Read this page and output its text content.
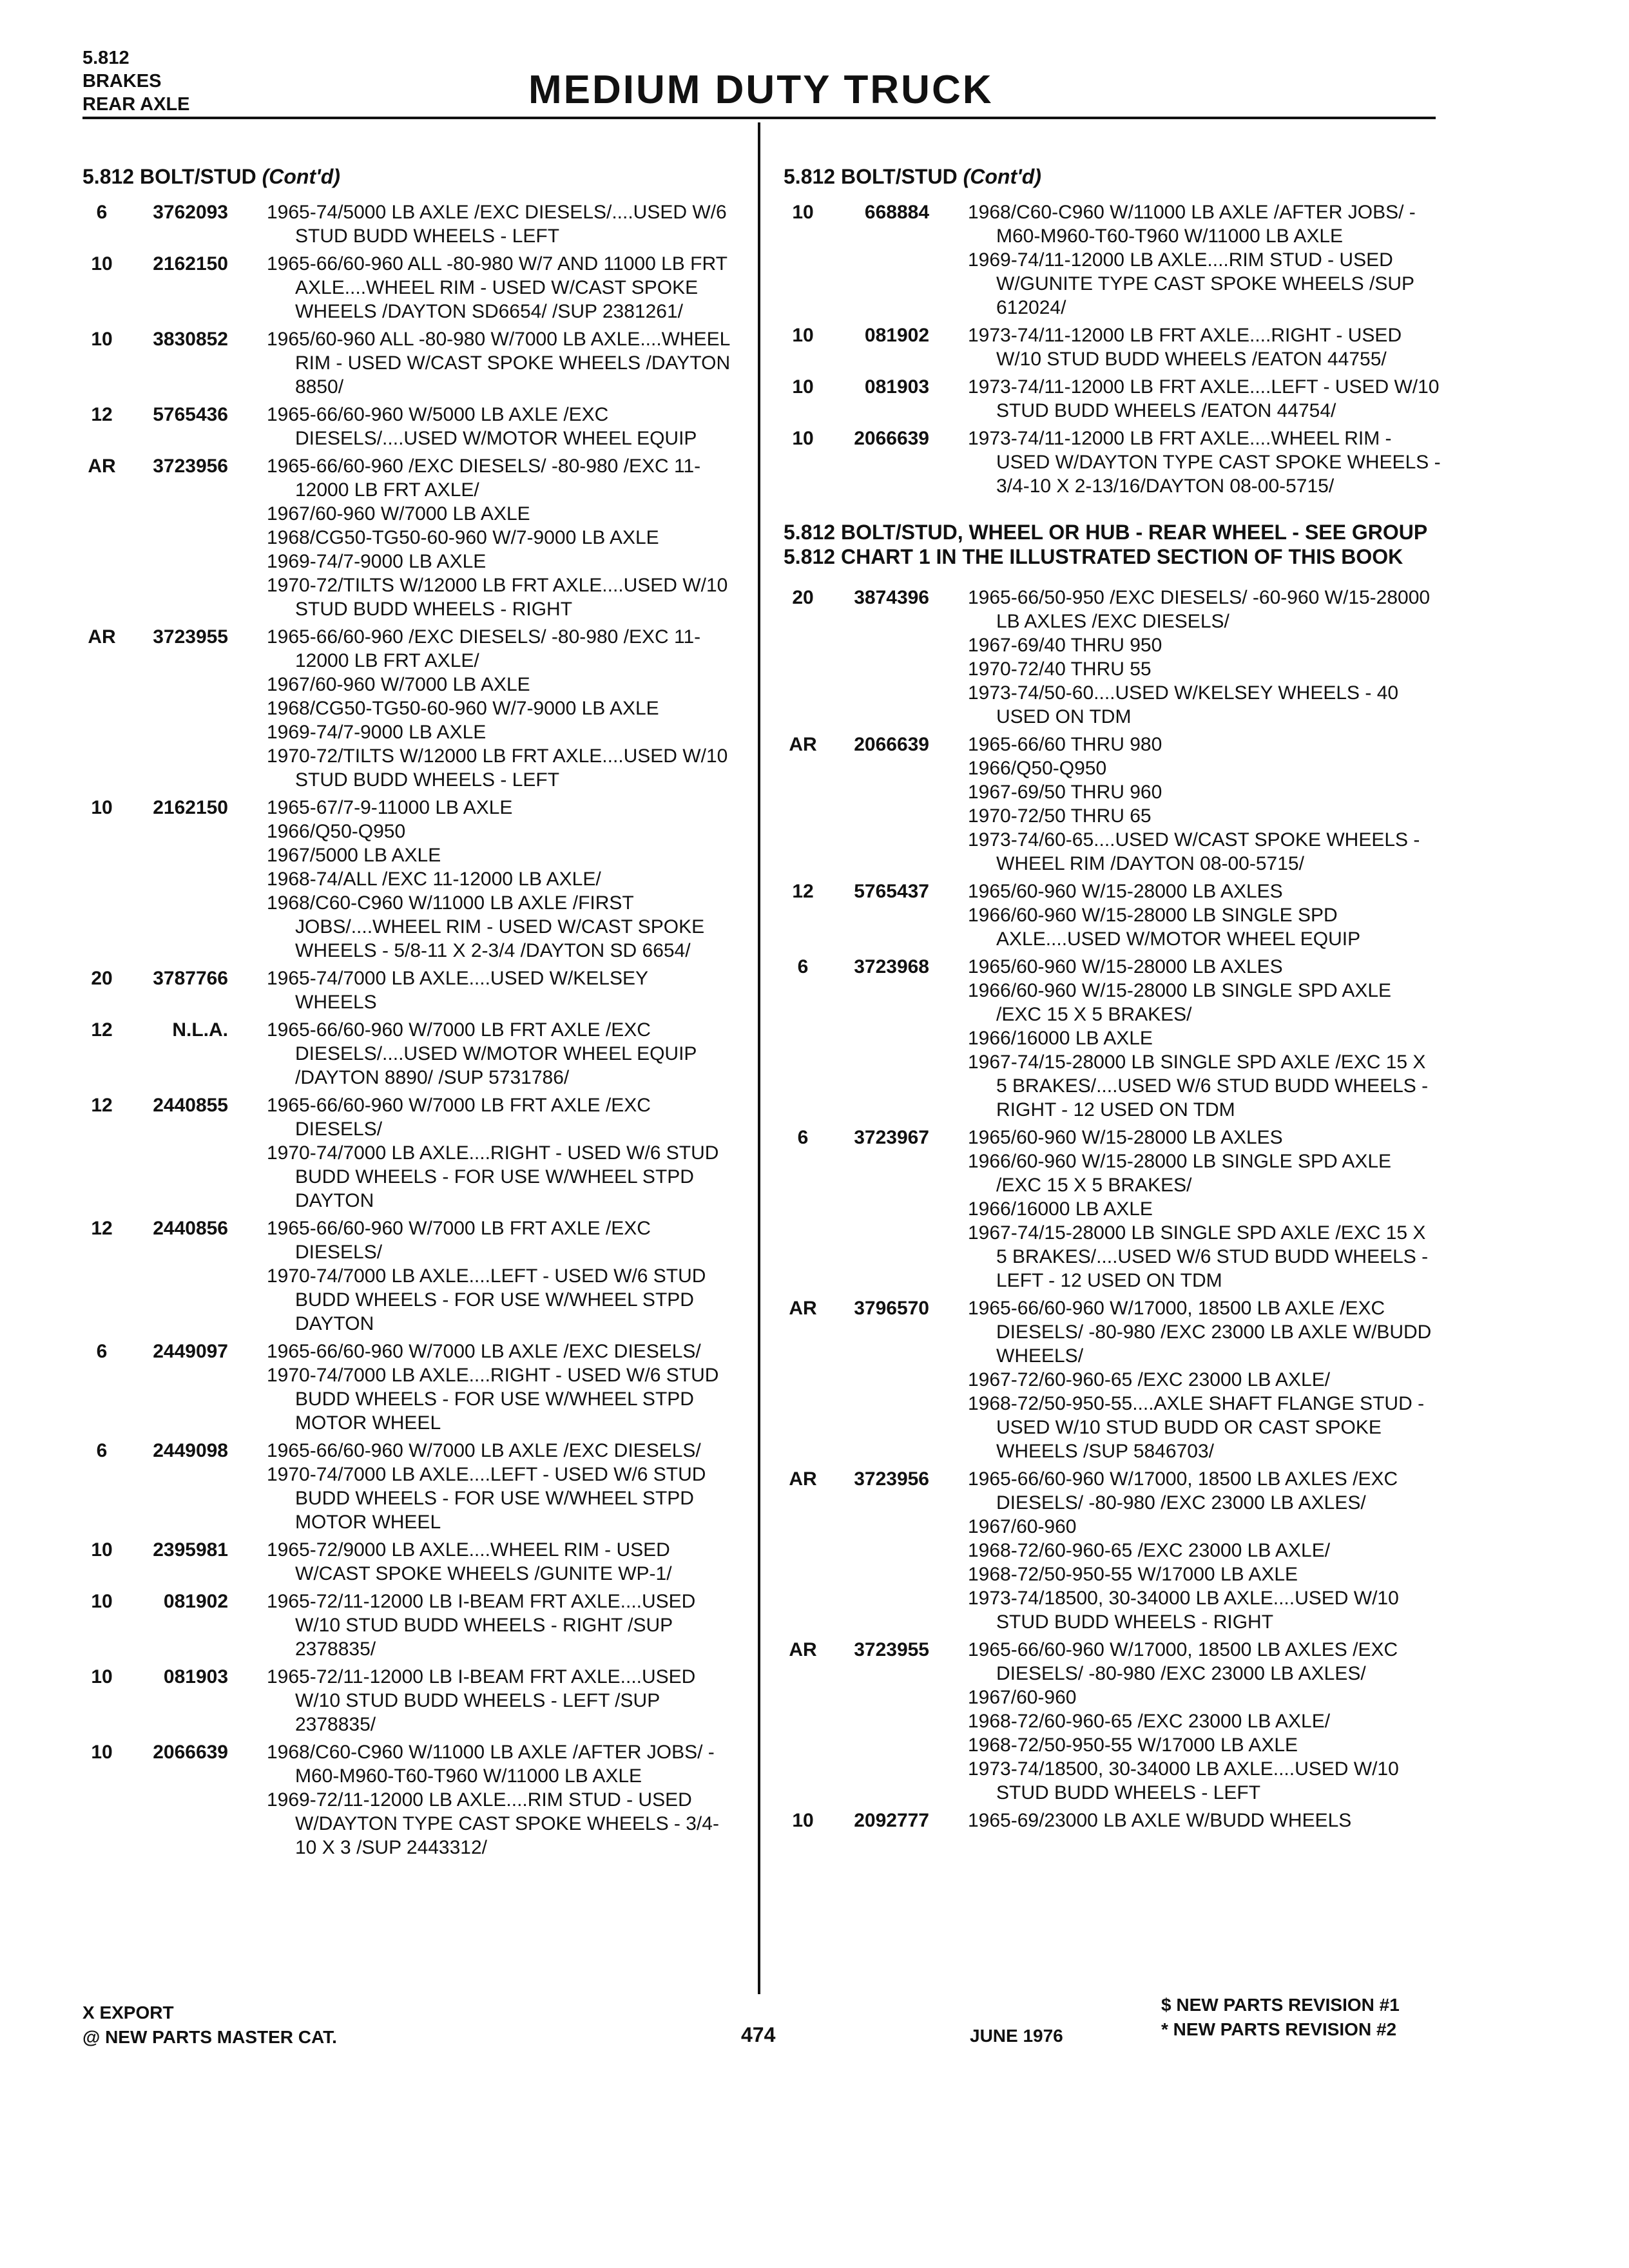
5.812
BRAKES
REAR AXLE	MEDIUM DUTY TRUCK
5.812 BOLT/STUD (Cont'd)
6	3762093 1965-74/5000 LB AXLE /EXC DIESELS/....USED W/6 STUD BUDD WHEELS - LEFT
10	2162150 1965-66/60-960 ALL -80-980 W/7 AND 11000 LB FRT AXLE....WHEEL RIM - USED W/CAST SPOKE WHEELS /DAYTON SD6654/ /SUP 2381261/
10	3830852 1965/60-960 ALL -80-980 W/7000 LB AXLE....WHEEL RIM - USED W/CAST SPOKE WHEELS /DAYTON 8850/
12	5765436 1965-66/60-960 W/5000 LB AXLE /EXC DIESELS/....USED W/MOTOR WHEEL EQUIP
AR	3723956 1965-66/60-960 /EXC DIESELS/ -80-980 /EXC 11-12000 LB FRT AXLE/
1967/60-960 W/7000 LB AXLE
1968/CG50-TG50-60-960 W/7-9000 LB AXLE
1969-74/7-9000 LB AXLE
1970-72/TILTS W/12000 LB FRT AXLE....USED W/10 STUD BUDD WHEELS - RIGHT
AR	3723955 1965-66/60-960 /EXC DIESELS/ -80-980 /EXC 11-12000 LB FRT AXLE/
1967/60-960 W/7000 LB AXLE
1968/CG50-TG50-60-960 W/7-9000 LB AXLE
1969-74/7-9000 LB AXLE
1970-72/TILTS W/12000 LB FRT AXLE....USED W/10 STUD BUDD WHEELS - LEFT
10	2162150 1965-67/7-9-11000 LB AXLE
1966/Q50-Q950
1967/5000 LB AXLE
1968-74/ALL /EXC 11-12000 LB AXLE/
1968/C60-C960 W/11000 LB AXLE /FIRST JOBS/....WHEEL RIM - USED W/CAST SPOKE WHEELS - 5/8-11 X 2-3/4 /DAYTON SD 6654/
20	3787766 1965-74/7000 LB AXLE....USED W/KELSEY WHEELS
12	N.L.A. 1965-66/60-960 W/7000 LB FRT AXLE /EXC DIESELS/....USED W/MOTOR WHEEL EQUIP /DAYTON 8890/ /SUP 5731786/
12	2440855 1965-66/60-960 W/7000 LB FRT AXLE /EXC DIESELS/
1970-74/7000 LB AXLE....RIGHT - USED W/6 STUD BUDD WHEELS - FOR USE W/WHEEL STPD DAYTON
12	2440856 1965-66/60-960 W/7000 LB FRT AXLE /EXC DIESELS/
1970-74/7000 LB AXLE....LEFT - USED W/6 STUD BUDD WHEELS - FOR USE W/WHEEL STPD DAYTON
6	2449097 1965-66/60-960 W/7000 LB AXLE /EXC DIESELS/
1970-74/7000 LB AXLE....RIGHT - USED W/6 STUD BUDD WHEELS - FOR USE W/WHEEL STPD MOTOR WHEEL
6	2449098 1965-66/60-960 W/7000 LB AXLE /EXC DIESELS/
1970-74/7000 LB AXLE....LEFT - USED W/6 STUD BUDD WHEELS - FOR USE W/WHEEL STPD MOTOR WHEEL
10	2395981 1965-72/9000 LB AXLE....WHEEL RIM - USED W/CAST SPOKE WHEELS /GUNITE WP-1/
10	081902 1965-72/11-12000 LB I-BEAM FRT AXLE....USED W/10 STUD BUDD WHEELS - RIGHT /SUP 2378835/
10	081903 1965-72/11-12000 LB I-BEAM FRT AXLE....USED W/10 STUD BUDD WHEELS - LEFT /SUP 2378835/
10	2066639 1968/C60-C960 W/11000 LB AXLE /AFTER JOBS/ -M60-M960-T60-T960 W/11000 LB AXLE
1969-72/11-12000 LB AXLE....RIM STUD - USED W/DAYTON TYPE CAST SPOKE WHEELS - 3/4-10 X 3 /SUP 2443312/
5.812 BOLT/STUD (Cont'd)
10	668884 1968/C60-C960 W/11000 LB AXLE /AFTER JOBS/ -M60-M960-T60-T960 W/11000 LB AXLE
1969-74/11-12000 LB AXLE....RIM STUD - USED W/GUNITE TYPE CAST SPOKE WHEELS /SUP 612024/
10	081902 1973-74/11-12000 LB FRT AXLE....RIGHT - USED W/10 STUD BUDD WHEELS /EATON 44755/
10	081903 1973-74/11-12000 LB FRT AXLE....LEFT - USED W/10 STUD BUDD WHEELS /EATON 44754/
10	2066639 1973-74/11-12000 LB FRT AXLE....WHEEL RIM - USED W/DAYTON TYPE CAST SPOKE WHEELS - 3/4-10 X 2-13/16/DAYTON 08-00-5715/
5.812 BOLT/STUD, WHEEL OR HUB - REAR WHEEL - SEE GROUP 5.812 CHART 1 IN THE ILLUSTRATED SECTION OF THIS BOOK
20	3874396 1965-66/50-950 /EXC DIESELS/ -60-960 W/15-28000 LB AXLES /EXC DIESELS/
1967-69/40 THRU 950
1970-72/40 THRU 55
1973-74/50-60....USED W/KELSEY WHEELS - 40 USED ON TDM
AR	2066639 1965-66/60 THRU 980
1966/Q50-Q950
1967-69/50 THRU 960
1970-72/50 THRU 65
1973-74/60-65....USED W/CAST SPOKE WHEELS - WHEEL RIM /DAYTON 08-00-5715/
12	5765437 1965/60-960 W/15-28000 LB AXLES
1966/60-960 W/15-28000 LB SINGLE SPD AXLE....USED W/MOTOR WHEEL EQUIP
6	3723968 1965/60-960 W/15-28000 LB AXLES
1966/60-960 W/15-28000 LB SINGLE SPD AXLE /EXC 15 X 5 BRAKES/
1966/16000 LB AXLE
1967-74/15-28000 LB SINGLE SPD AXLE /EXC 15 X 5 BRAKES/....USED W/6 STUD BUDD WHEELS - RIGHT - 12 USED ON TDM
6	3723967 1965/60-960 W/15-28000 LB AXLES
1966/60-960 W/15-28000 LB SINGLE SPD AXLE /EXC 15 X 5 BRAKES/
1966/16000 LB AXLE
1967-74/15-28000 LB SINGLE SPD AXLE /EXC 15 X 5 BRAKES/....USED W/6 STUD BUDD WHEELS - LEFT - 12 USED ON TDM
AR	3796570 1965-66/60-960 W/17000, 18500 LB AXLE /EXC DIESELS/ -80-980 /EXC 23000 LB AXLE W/BUDD WHEELS/
1967-72/60-960-65 /EXC 23000 LB AXLE/
1968-72/50-950-55....AXLE SHAFT FLANGE STUD - USED W/10 STUD BUDD OR CAST SPOKE WHEELS /SUP 5846703/
AR	3723956 1965-66/60-960 W/17000, 18500 LB AXLES /EXC DIESELS/ -80-980 /EXC 23000 LB AXLES/
1967/60-960
1968-72/60-960-65 /EXC 23000 LB AXLE/
1968-72/50-950-55 W/17000 LB AXLE
1973-74/18500, 30-34000 LB AXLE....USED W/10 STUD BUDD WHEELS - RIGHT
AR	3723955 1965-66/60-960 W/17000, 18500 LB AXLES /EXC DIESELS/ -80-980 /EXC 23000 LB AXLES/
1967/60-960
1968-72/60-960-65 /EXC 23000 LB AXLE/
1968-72/50-950-55 W/17000 LB AXLE
1973-74/18500, 30-34000 LB AXLE....USED W/10 STUD BUDD WHEELS - LEFT
10	2092777 1965-69/23000 LB AXLE W/BUDD WHEELS
X EXPORT
@ NEW PARTS MASTER CAT.	474	JUNE 1976
$ NEW PARTS REVISION #1
* NEW PARTS REVISION #2
